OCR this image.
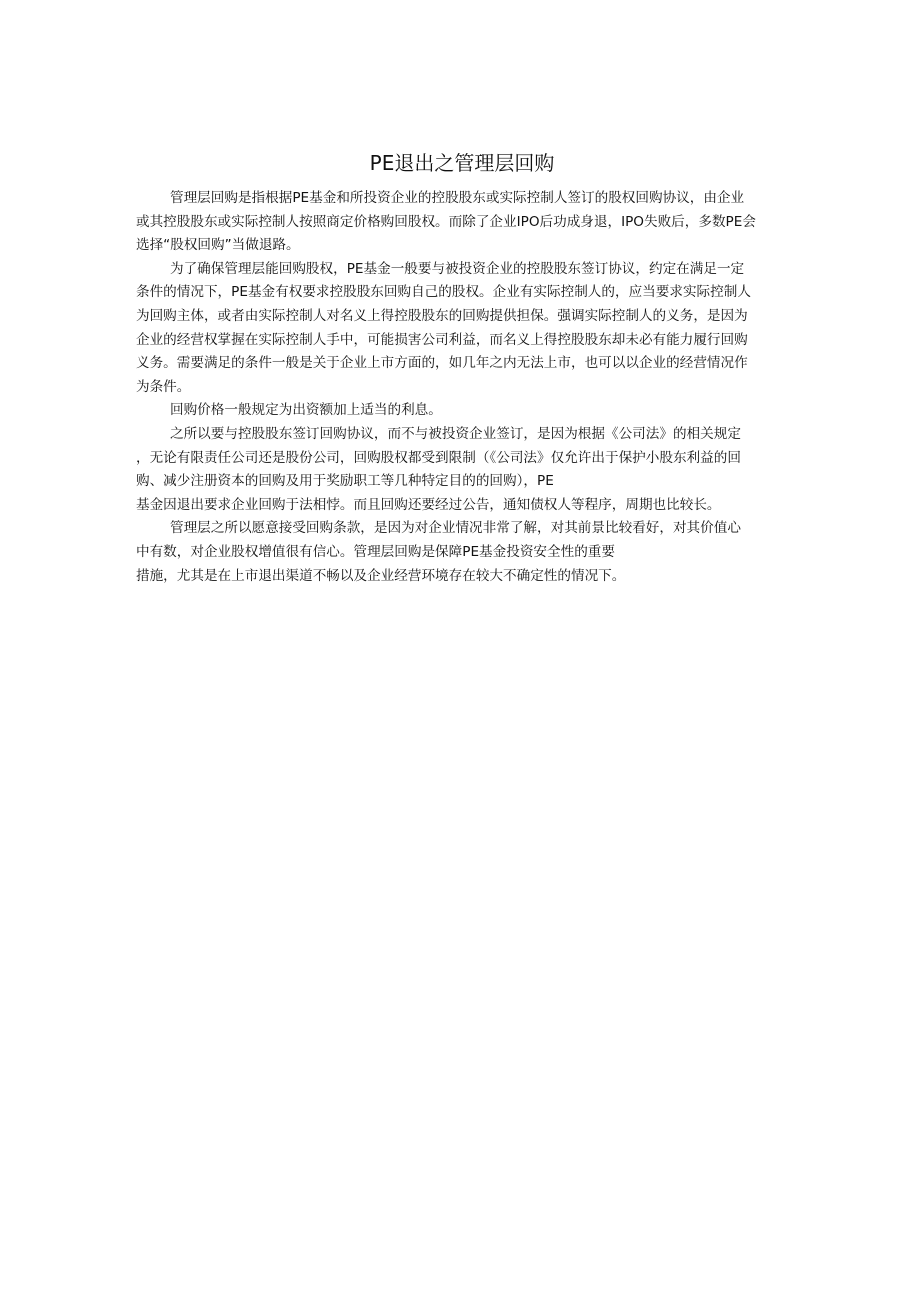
PE退出之管理层回购

管理层回购是指根据PE基金和所投资企业的控股股东或实际控制人签订的股权回购协议，由企业
或其控股股东或实际控制人按照商定价格购回股权。而除了企业IPO后功成身退，IPO失败后，多数PE会
选择“股权回购”当做退路。

为了确保管理层能回购股权，PE基金一般要与被投资企业的控股股东签订协议，约定在满足一定
条件的情况下，PE基金有权要求控股股东回购自己的股权。企业有实际控制人的，应当要求实际控制人
为回购主体，或者由实际控制人对名义上得控股股东的回购提供担保。强调实际控制人的义务，是因为
企业的经营权掌握在实际控制人手中，可能损害公司利益，而名义上得控股股东却未必有能力履行回购
义务。需要满足的条件一般是关于企业上市方面的，如几年之内无法上市，也可以以企业的经营情况作
为条件。

回购价格一般规定为出资额加上适当的利息。

之所以要与控股股东签订回购协议，而不与被投资企业签订，是因为根据《公司法》的相关规定
，无论有限责任公司还是股份公司，回购股权都受到限制（《公司法》仅允许出于保护小股东利益的回
购、减少注册资本的回购及用于奖励职工等几种特定目的的回购），PE
基金因退出要求企业回购于法相悖。而且回购还要经过公告，通知债权人等程序，周期也比较长。

管理层之所以愿意接受回购条款，是因为对企业情况非常了解，对其前景比较看好，对其价值心
中有数，对企业股权增值很有信心。管理层回购是保障PE基金投资安全性的重要
措施，尤其是在上市退出渠道不畅以及企业经营环境存在较大不确定性的情况下。
